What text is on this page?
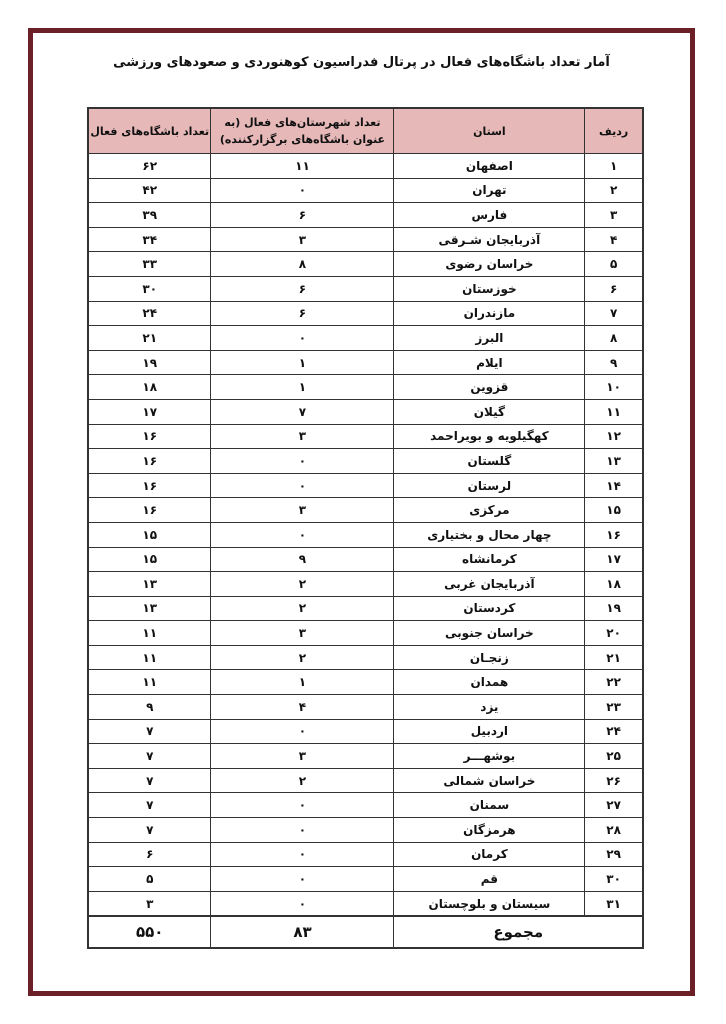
آمار تعداد باشگاه‌های فعال در پرتال فدراسیون کوهنوردی و صعودهای ورزشی
ردیف	استان	تعداد شهرستان‌های فعال (به عنوان باشگاه‌های برگزارکننده)	تعداد باشگاه‌های فعال
۱	اصفهان	۱۱	۶۲
۲	تهران	۰	۴۲
۳	فارس	۶	۳۹
۴	آذربایجان شـرقی	۳	۳۴
۵	خراسان رضوی	۸	۳۳
۶	خوزستان	۶	۳۰
۷	مازندران	۶	۲۴
۸	البرز	۰	۲۱
۹	ایلام	۱	۱۹
۱۰	قزوین	۱	۱۸
۱۱	گیلان	۷	۱۷
۱۲	کهگیلویه و بویراحمد	۳	۱۶
۱۳	گلستان	۰	۱۶
۱۴	لرستان	۰	۱۶
۱۵	مرکزی	۳	۱۶
۱۶	چهار محال و بختیاری	۰	۱۵
۱۷	کرمانشاه	۹	۱۵
۱۸	آذربایجان غربی	۲	۱۳
۱۹	کردستان	۲	۱۳
۲۰	خراسان جنوبی	۳	۱۱
۲۱	زنجـان	۲	۱۱
۲۲	همدان	۱	۱۱
۲۳	یزد	۴	۹
۲۴	اردبیل	۰	۷
۲۵	بوشهـــر	۳	۷
۲۶	خراسان شمالی	۲	۷
۲۷	سمنان	۰	۷
۲۸	هرمزگان	۰	۷
۲۹	کرمان	۰	۶
۳۰	قم	۰	۵
۳۱	سیستان و بلوچستان	۰	۳
مجموع		۸۳	۵۵۰
